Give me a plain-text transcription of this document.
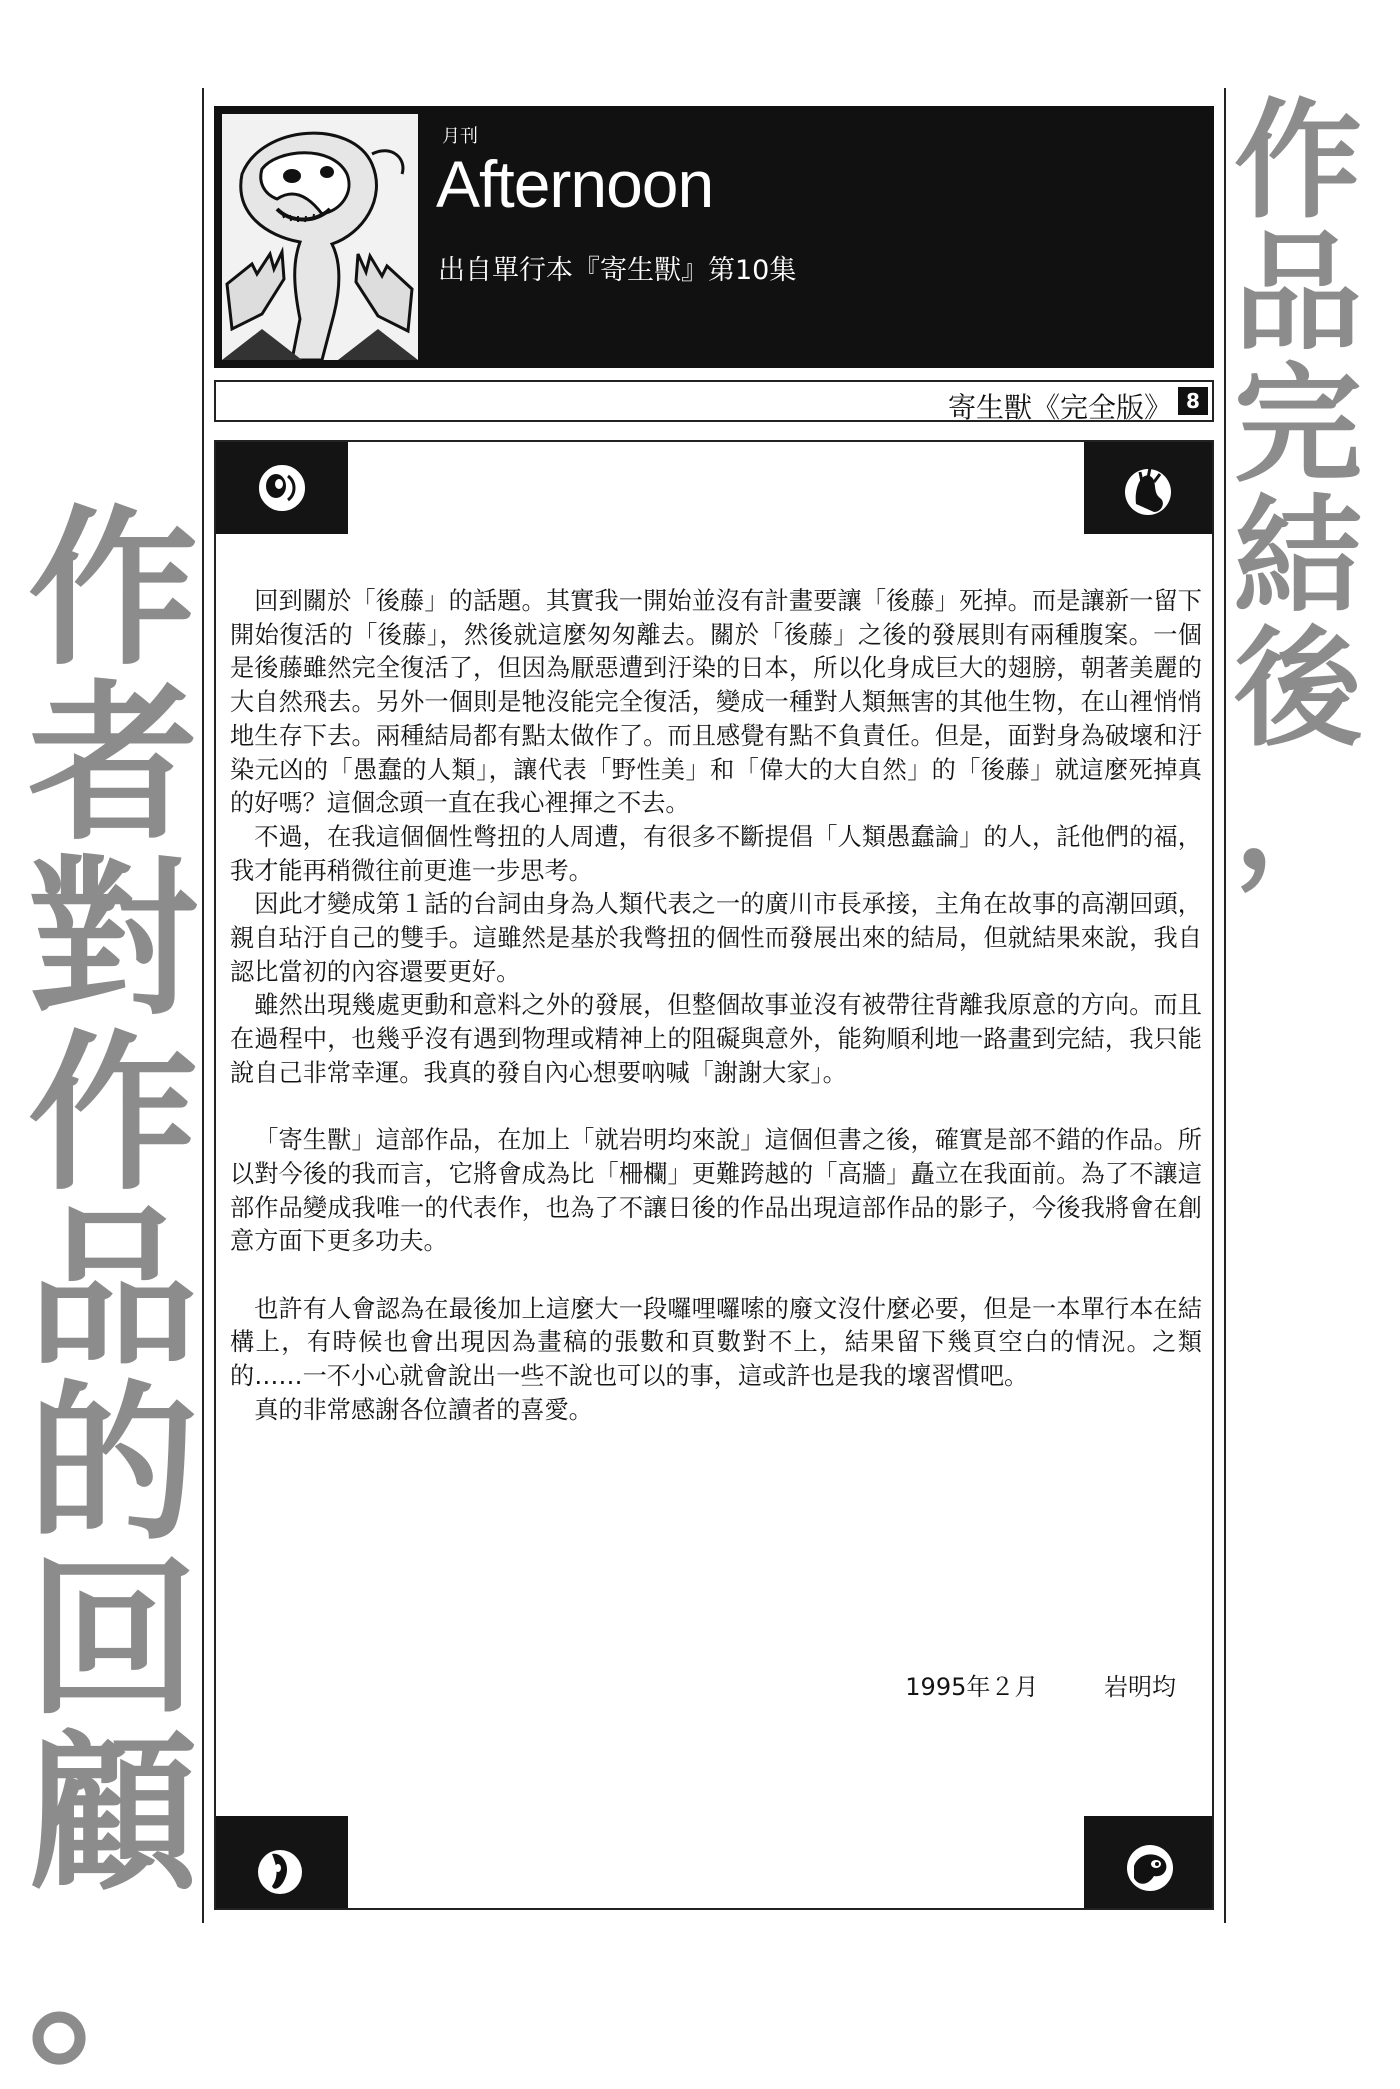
作
品
完
結
後
，
作
者
對
作
品
的
回
顧
。
月刊
Afternoon
出自單行本『寄生獸』第10集
寄生獸《完全版》 8

回到關於「後藤」的話題。其實我一開始並沒有計畫要讓「後藤」死掉。而是讓新一留下開始復活的「後藤」，然後就這麼匆匆離去。關於「後藤」之後的發展則有兩種腹案。一個是後藤雖然完全復活了，但因為厭惡遭到汙染的日本，所以化身成巨大的翅膀，朝著美麗的大自然飛去。另外一個則是牠沒能完全復活，變成一種對人類無害的其他生物，在山裡悄悄地生存下去。兩種結局都有點太做作了。而且感覺有點不負責任。但是，面對身為破壞和汙染元凶的「愚蠢的人類」，讓代表「野性美」和「偉大的大自然」的「後藤」就這麼死掉真的好嗎？這個念頭一直在我心裡揮之不去。

不過，在我這個個性彆扭的人周遭，有很多不斷提倡「人類愚蠢論」的人，託他們的福，我才能再稍微往前更進一步思考。

因此才變成第１話的台詞由身為人類代表之一的廣川市長承接，主角在故事的高潮回頭，親自玷汙自己的雙手。這雖然是基於我彆扭的個性而發展出來的結局，但就結果來說，我自認比當初的內容還要更好。

雖然出現幾處更動和意料之外的發展，但整個故事並沒有被帶往背離我原意的方向。而且在過程中，也幾乎沒有遇到物理或精神上的阻礙與意外，能夠順利地一路畫到完結，我只能說自己非常幸運。我真的發自內心想要吶喊「謝謝大家」。

「寄生獸」這部作品，在加上「就岩明均來說」這個但書之後，確實是部不錯的作品。所以對今後的我而言，它將會成為比「柵欄」更難跨越的「高牆」矗立在我面前。為了不讓這部作品變成我唯一的代表作，也為了不讓日後的作品出現這部作品的影子，今後我將會在創意方面下更多功夫。

也許有人會認為在最後加上這麼大一段囉哩囉嗦的廢文沒什麼必要，但是一本單行本在結構上，有時候也會出現因為畫稿的張數和頁數對不上，結果留下幾頁空白的情況。之類的……一不小心就會說出一些不說也可以的事，這或許也是我的壞習慣吧。

真的非常感謝各位讀者的喜愛。

1995年２月	岩明均
